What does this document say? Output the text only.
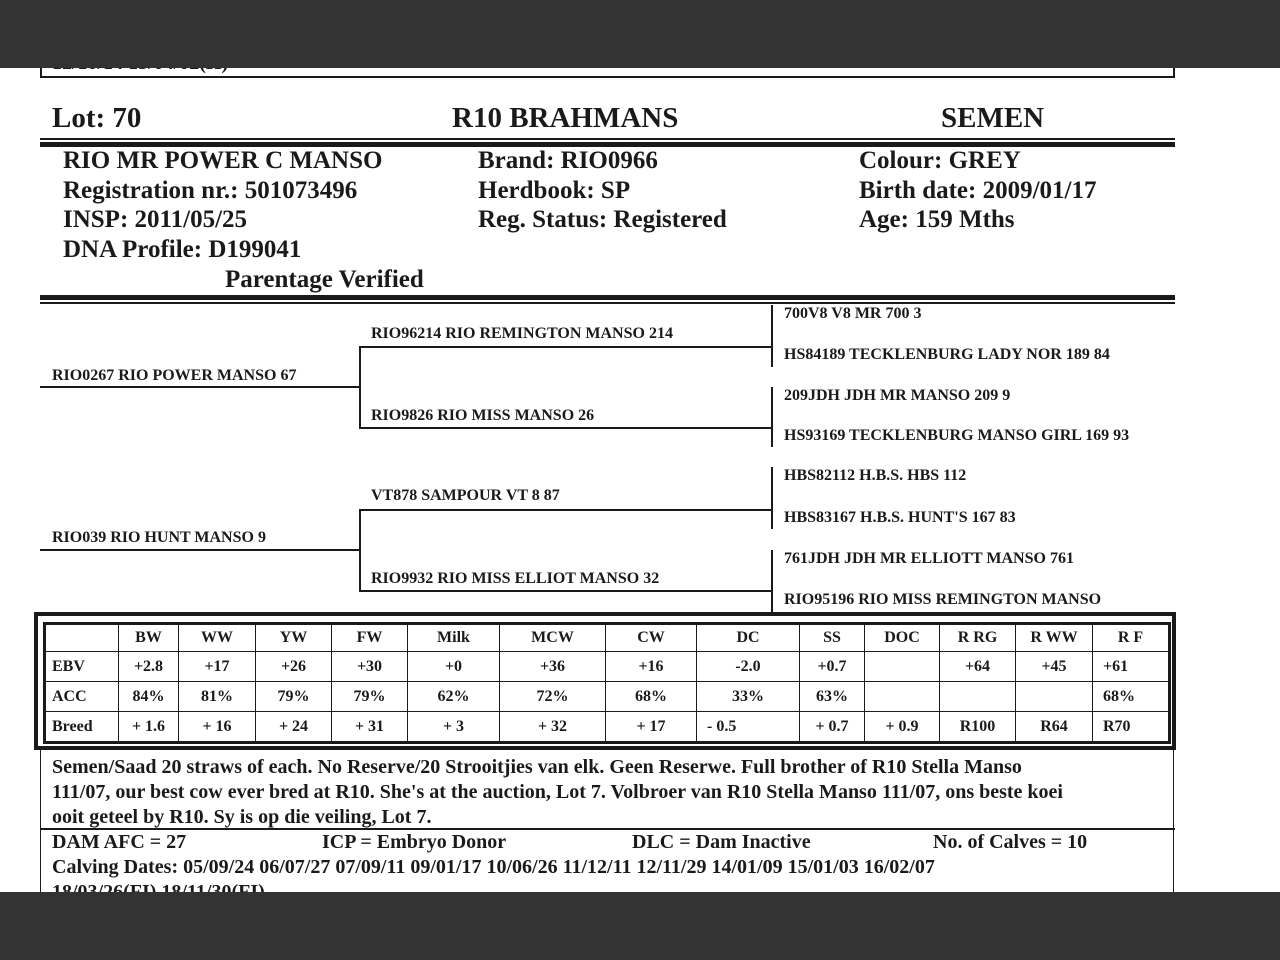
Lot: 70	R10 BRAHMANS	SEMEN
RIO MR POWER C MANSO
Registration nr.: 501073496
INSP: 2011/05/25
DNA Profile: D199041
Parentage Verified
Brand: RIO0966
Herdbook: SP
Reg. Status: Registered
Colour: GREY
Birth date: 2009/01/17
Age: 159 Mths
RIO0267 RIO POWER MANSO 67
RIO039 RIO HUNT MANSO 9
RIO96214 RIO REMINGTON MANSO 214
RIO9826 RIO MISS MANSO 26
VT878 SAMPOUR VT 8 87
RIO9932 RIO MISS ELLIOT MANSO 32
700V8 V8 MR 700 3
HS84189 TECKLENBURG LADY NOR 189 84
209JDH JDH MR MANSO 209 9
HS93169 TECKLENBURG MANSO GIRL 169 93
HBS82112 H.B.S. HBS 112
HBS83167 H.B.S. HUNT'S 167 83
761JDH JDH MR ELLIOTT MANSO 761
RIO95196 RIO MISS REMINGTON MANSO
	BW	WW	YW	FW	Milk	MCW	CW	DC	SS	DOC	R RG	R WW	R F
EBV	+2.8	+17	+26	+30	+0	+36	+16	-2.0	+0.7		+64	+45	+61
ACC	84%	81%	79%	79%	62%	72%	68%	33%	63%				68%
Breed	+ 1.6	+ 16	+ 24	+ 31	+ 3	+ 32	+ 17	- 0.5	+ 0.7	+ 0.9	R100	R64	R70
Semen/Saad 20 straws of each. No Reserve/20 Strooitjies van elk. Geen Reserwe. Full brother of R10 Stella Manso
111/07, our best cow ever bred at R10. She's at the auction, Lot 7. Volbroer van R10 Stella Manso 111/07, ons beste koei
ooit geteel by R10. Sy is op die veiling, Lot 7.
DAM AFC = 27	ICP = Embryo Donor	DLC = Dam Inactive	No. of Calves = 10
Calving Dates: 05/09/24 06/07/27 07/09/11 09/01/17 10/06/26 11/12/11 12/11/29 14/01/09 15/01/03 16/02/07
